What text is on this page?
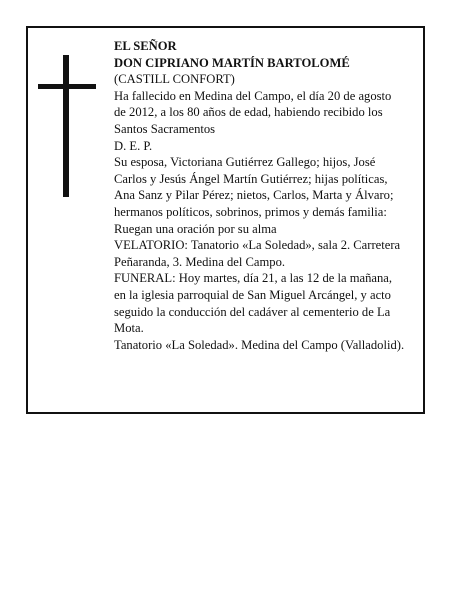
EL SEÑOR
DON CIPRIANO MARTÍN BARTOLOMÉ
(CASTILL CONFORT)
Ha fallecido en Medina del Campo, el día 20 de agosto
de 2012, a los 80 años de edad, habiendo recibido los
Santos Sacramentos
D. E. P.
Su esposa, Victoriana Gutiérrez Gallego; hijos, José
Carlos y Jesús Ángel Martín Gutiérrez; hijas políticas,
Ana Sanz y Pilar Pérez; nietos, Carlos, Marta y Álvaro;
hermanos políticos, sobrinos, primos y demás familia:
Ruegan una oración por su alma
VELATORIO: Tanatorio «La Soledad», sala 2. Carretera
Peñaranda, 3. Medina del Campo.
FUNERAL: Hoy martes, día 21, a las 12 de la mañana,
en la iglesia parroquial de San Miguel Arcángel, y acto
seguido la conducción del cadáver al cementerio de La
Mota.
Tanatorio «La Soledad». Medina del Campo (Valladolid).
